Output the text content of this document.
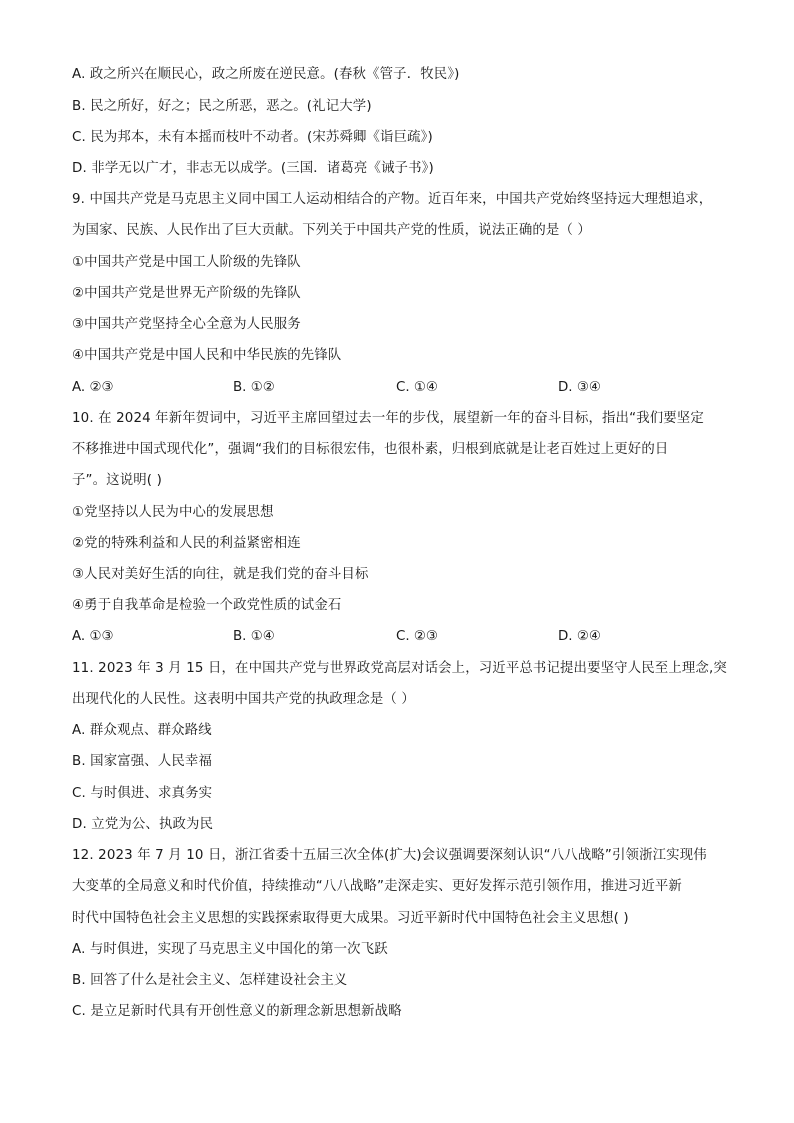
A. 政之所兴在顺民心，政之所废在逆民意。(春秋《管子．牧民》)
B. 民之所好，好之；民之所恶，恶之。(礼记大学)
C. 民为邦本，未有本摇而枝叶不动者。(宋苏舜卿《诣巨疏》)
D. 非学无以广才，非志无以成学。(三国．诸葛亮《诫子书》)
9. 中国共产党是马克思主义同中国工人运动相结合的产物。近百年来，中国共产党始终坚持远大理想追求，
为国家、民族、人民作出了巨大贡献。下列关于中国共产党的性质，说法正确的是（ ）
①中国共产党是中国工人阶级的先锋队
②中国共产党是世界无产阶级的先锋队
③中国共产党坚持全心全意为人民服务
④中国共产党是中国人民和中华民族的先锋队
A. ②③	B. ①②	C. ①④	D. ③④
10. 在 2024 年新年贺词中，习近平主席回望过去一年的步伐，展望新一年的奋斗目标，指出“我们要坚定
不移推进中国式现代化”，强调“我们的目标很宏伟，也很朴素，归根到底就是让老百姓过上更好的日
子”。这说明( )
①党坚持以人民为中心的发展思想
②党的特殊利益和人民的利益紧密相连
③人民对美好生活的向往，就是我们党的奋斗目标
④勇于自我革命是检验一个政党性质的试金石
A. ①③	B. ①④	C. ②③	D. ②④
11. 2023 年 3 月 15 日，在中国共产党与世界政党高层对话会上，习近平总书记提出要坚守人民至上理念,突
出现代化的人民性。这表明中国共产党的执政理念是（ ）
A. 群众观点、群众路线
B. 国家富强、人民幸福
C. 与时俱进、求真务实
D. 立党为公、执政为民
12. 2023 年 7 月 10 日，浙江省委十五届三次全体(扩大)会议强调要深刻认识“八八战略”引领浙江实现伟
大变革的全局意义和时代价值，持续推动“八八战略”走深走实、更好发挥示范引领作用，推进习近平新
时代中国特色社会主义思想的实践探索取得更大成果。习近平新时代中国特色社会主义思想( )
A. 与时俱进，实现了马克思主义中国化的第一次飞跃
B. 回答了什么是社会主义、怎样建设社会主义
C. 是立足新时代具有开创性意义的新理念新思想新战略
